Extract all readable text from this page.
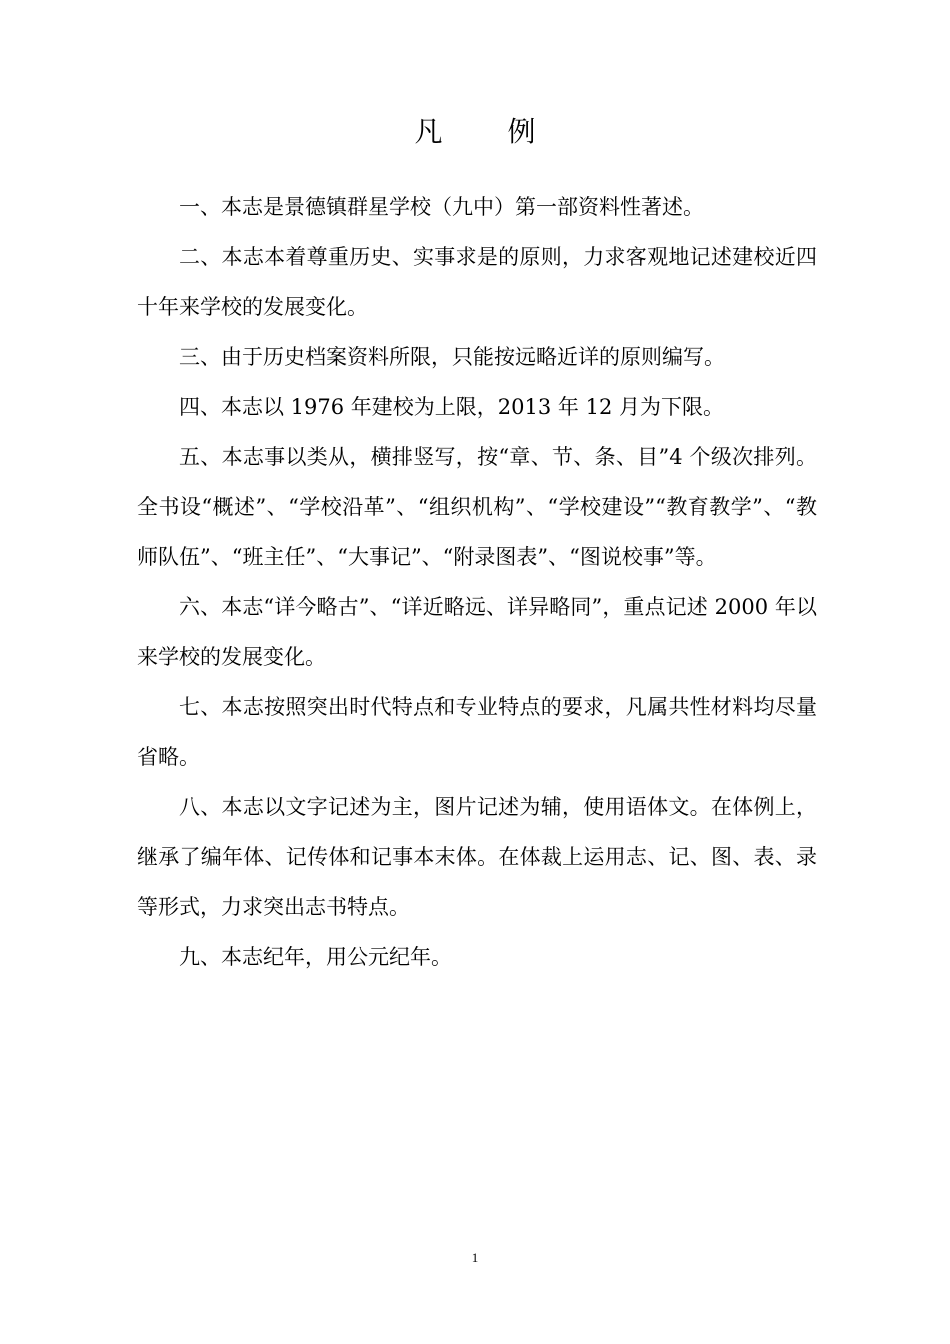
凡 例

一、本志是景德镇群星学校（九中）第一部资料性著述。

二、本志本着尊重历史、实事求是的原则，力求客观地记述建校近四十年来学校的发展变化。

三、由于历史档案资料所限，只能按远略近详的原则编写。

四、本志以 1976 年建校为上限，2013 年 12 月为下限。

五、本志事以类从，横排竖写，按“章、节、条、目”4 个级次排列。全书设“概述”、“学校沿革”、“组织机构”、“学校建设”“教育教学”、“教师队伍”、“班主任”、“大事记”、“附录图表”、“图说校事”等。

六、本志“详今略古”、“详近略远、详异略同”，重点记述 2000 年以来学校的发展变化。

七、本志按照突出时代特点和专业特点的要求，凡属共性材料均尽量省略。

八、本志以文字记述为主，图片记述为辅，使用语体文。在体例上，继承了编年体、记传体和记事本末体。在体裁上运用志、记、图、表、录等形式，力求突出志书特点。

九、本志纪年，用公元纪年。

1
